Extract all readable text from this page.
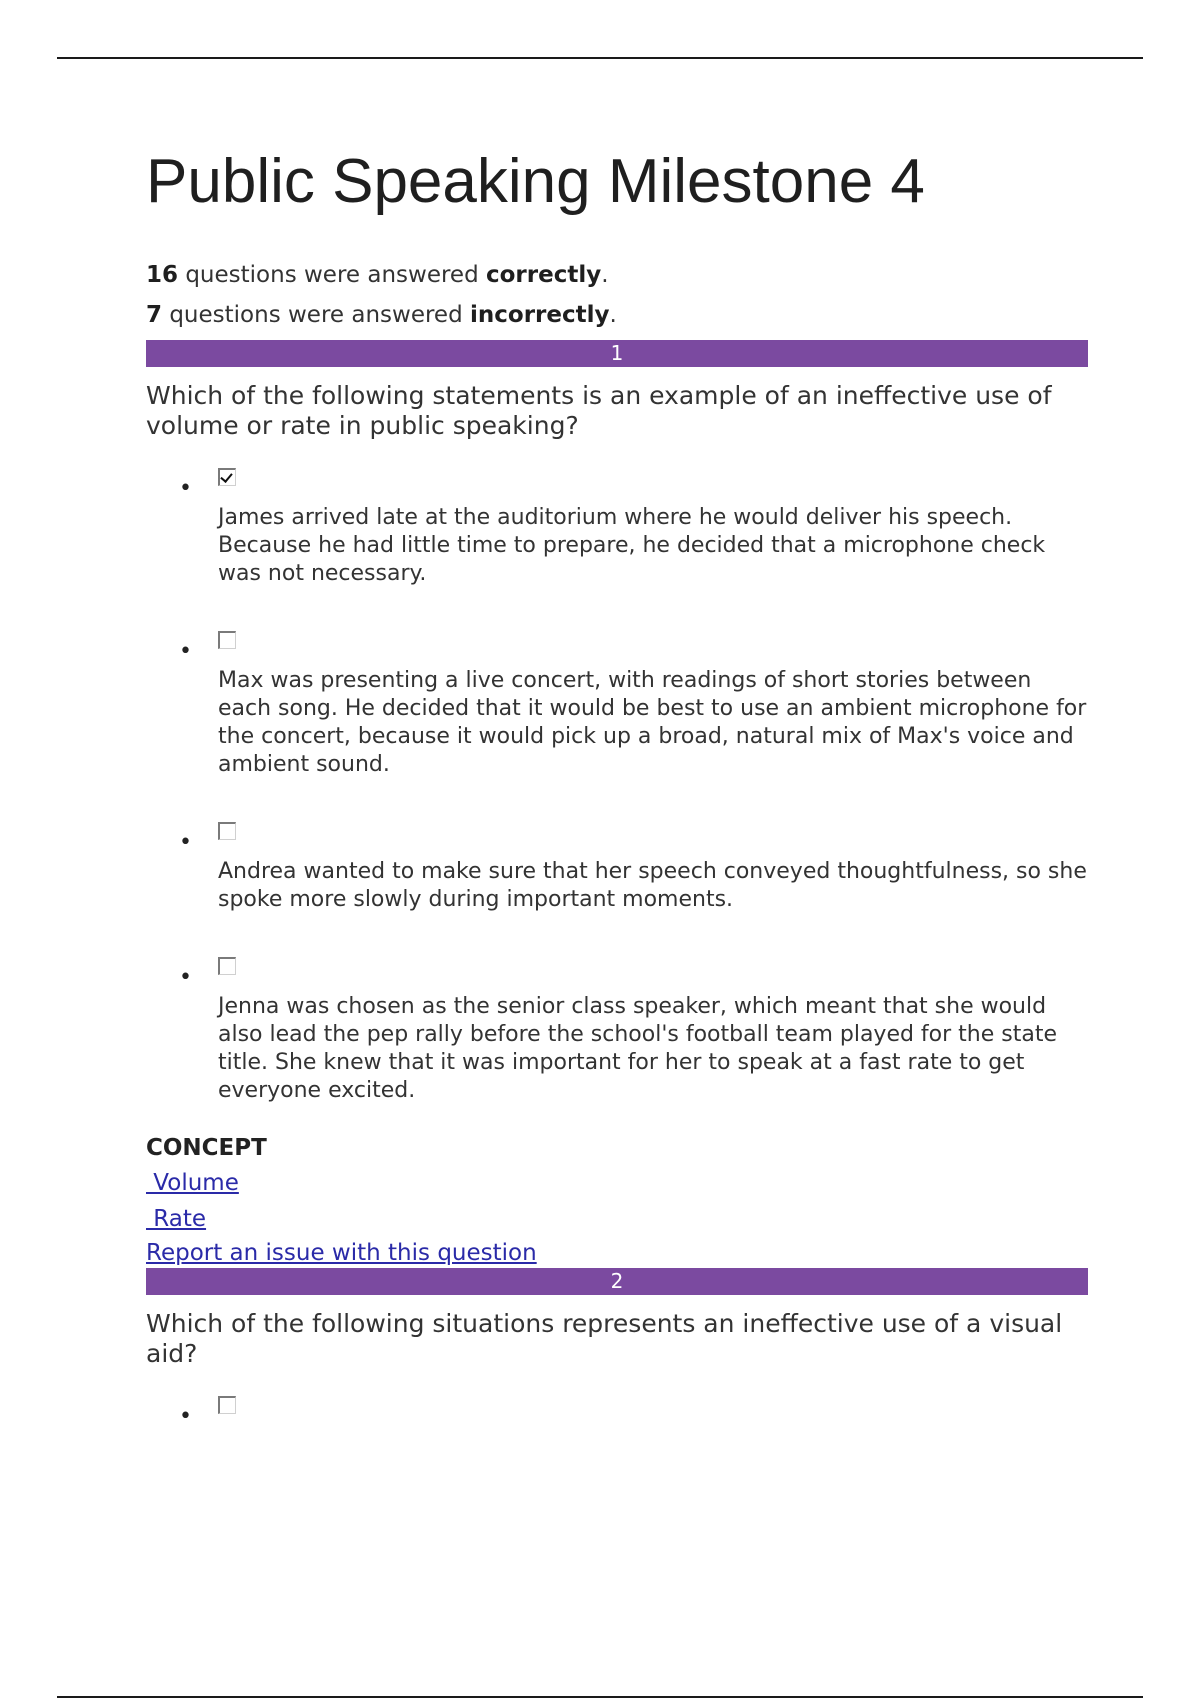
Public Speaking Milestone 4
16 questions were answered correctly.
7 questions were answered incorrectly.
1

Which of the following statements is an example of an ineffective use of volume or rate in public speaking?

•
James arrived late at the auditorium where he would deliver his speech. Because he had little time to prepare, he decided that a microphone check was not necessary.
•
Max was presenting a live concert, with readings of short stories between each song. He decided that it would be best to use an ambient microphone for the concert, because it would pick up a broad, natural mix of Max's voice and ambient sound.
•
Andrea wanted to make sure that her speech conveyed thoughtfulness, so she spoke more slowly during important moments.
•
Jenna was chosen as the senior class speaker, which meant that she would also lead the pep rally before the school's football team played for the state title. She knew that it was important for her to speak at a fast rate to get everyone excited.
CONCEPT
Volume
Rate
Report an issue with this question
2

Which of the following situations represents an ineffective use of a visual aid?

•
